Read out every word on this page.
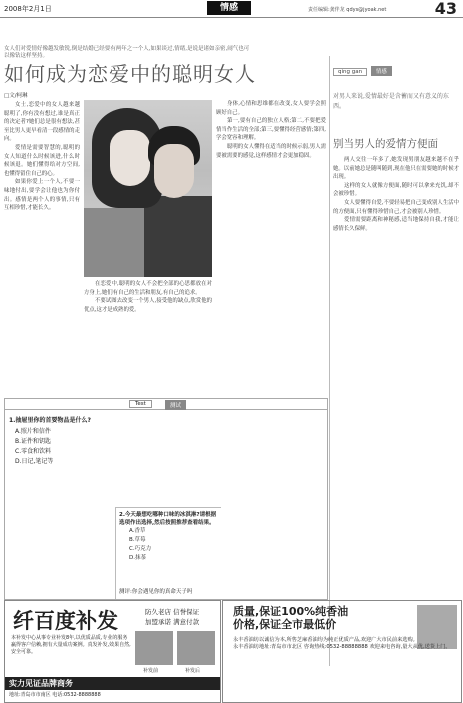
2008年2月1日	情感	责任编辑:龚伴龙 qdys@jyoak.net	43
女人们对爱情好像越发敏锐,倒是结婚已经要有两年之一个人,如果谈过,情绪,是说是诸如亲密,闹气也可以像钻这样坚持。
如何成为恋爱中的聪明女人
□文/柯琳

女士,恋爱中的女人越来越聪明了,你有没有想过,谁是真正的决定者?她们总是很有想法,甚至比男人更早看清一段感情的走向。

爱情是需要智慧的,聪明的女人知道什么时候该进,什么时候该退。她们懂得给对方空间,也懂得留住自己的心。

如果你爱上一个人,不要一味地付出,要学会让他也为你付出。感情是两个人的事情,只有互相珍惜,才能长久。

在恋爱中,聪明的女人不会把全部的心思都放在对方身上,她们有自己的生活和朋友,有自己的追求。

不要试图去改变一个男人,接受他的缺点,欣赏他的优点,这才是成熟的爱。

身体,心情和思维都在改变,女人要学会照顾好自己。

第一,要有自己的独立人格;第二,不要把爱情当作生活的全部;第三,要懂得经营感情;第四,学会宽容和理解。

聪明的女人懂得在适当的时候示弱,男人需要被需要的感觉,这样感情才会更加稳固。

qing gan	情感
对男人来说,爱情最好是含蓄而又有意义的东西。
别当男人的爱情方便面

两人交往一年多了,她发现男朋友越来越不在乎她。以前她总是随叫随到,现在他只在需要她的时候才出现。

这样的女人就像方便面,随时可以拿来充饥,却不会被珍惜。

女人要懂得自爱,不要轻易把自己变成别人生活中的方便面,只有懂得珍惜自己,才会被别人珍惜。

爱情需要距离和神秘感,适当地保持自我,才能让感情长久保鲜。

Test	测试
1.抽屉里你的首要物品是什么?
A.照片和信件
B.证件和钥匙
C.零食和饮料
D.日记,笔记等
2.今天最想吃哪种口味的冰淇淋?请根据选项作出选择,然后按照推荐查看结果。
A.香草
B.草莓
C.巧克力
D.抹茶
测评:你会遇见你的真命天子吗
纤百度补发	防久老店 信誉保证
加盟承诺 满意付款
本补发中心从事专业补发8年,以优质品质,专业的服务赢得客户信赖,拥有大量成功案例。真发补发,效果自然,安全可靠。
补发前	补发后
实力见证品牌商务
地址:青岛市市南区 电话:0532-8888888
质量,保证100%纯香油
价格,保证全市最低价
永丰香油坊以诚信为本,所售芝麻香油均为纯正优质产品,欢迎广大市民前来选购。
永丰香油坊地址:青岛市市北区 咨询热线:0532-88888888 欢迎来电咨询,量大从优,送货上门。
